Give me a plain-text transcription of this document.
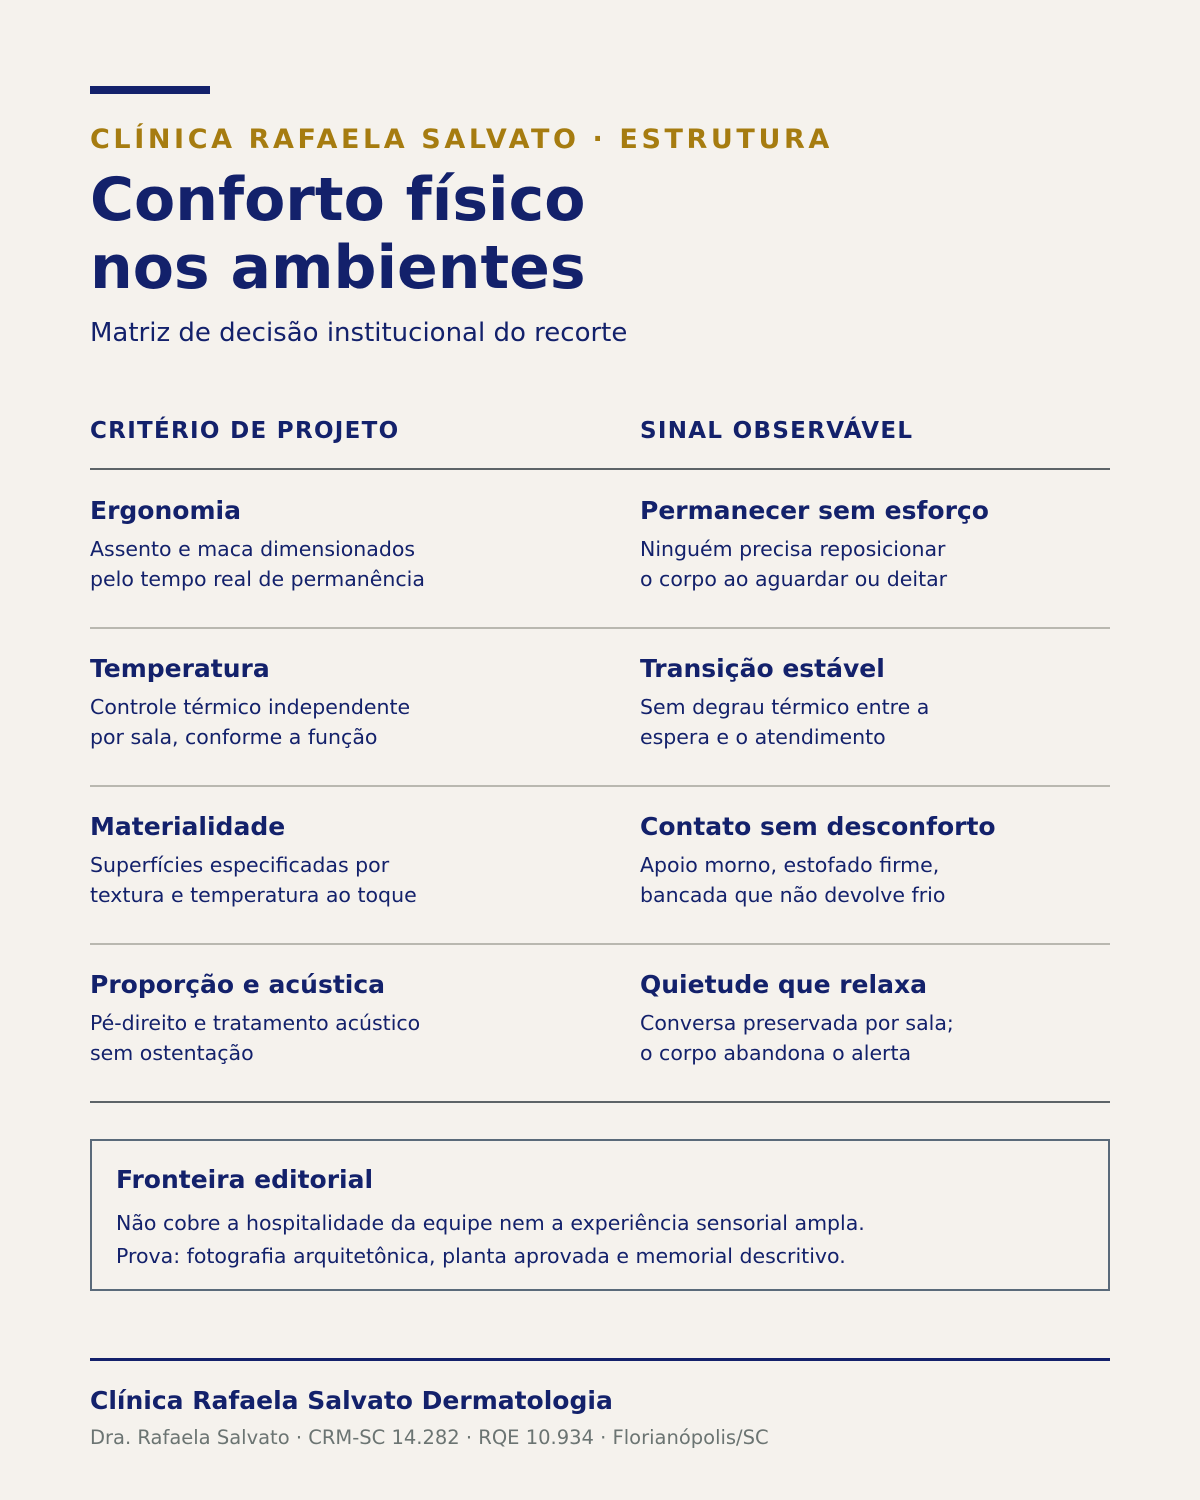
CLÍNICA RAFAELA SALVATO · ESTRUTURA
Conforto físico
nos ambientes
Matriz de decisão institucional do recorte
CRITÉRIO DE PROJETO	SINAL OBSERVÁVEL
Ergonomia
Assento e maca dimensionados
pelo tempo real de permanência
Permanecer sem esforço
Ninguém precisa reposicionar
o corpo ao aguardar ou deitar
Temperatura
Controle térmico independente
por sala, conforme a função
Transição estável
Sem degrau térmico entre a
espera e o atendimento
Materialidade
Superfícies especificadas por
textura e temperatura ao toque
Contato sem desconforto
Apoio morno, estofado firme,
bancada que não devolve frio
Proporção e acústica
Pé-direito e tratamento acústico
sem ostentação
Quietude que relaxa
Conversa preservada por sala;
o corpo abandona o alerta
Fronteira editorial
Não cobre a hospitalidade da equipe nem a experiência sensorial ampla.
Prova: fotografia arquitetônica, planta aprovada e memorial descritivo.
Clínica Rafaela Salvato Dermatologia
Dra. Rafaela Salvato · CRM-SC 14.282 · RQE 10.934 · Florianópolis/SC
